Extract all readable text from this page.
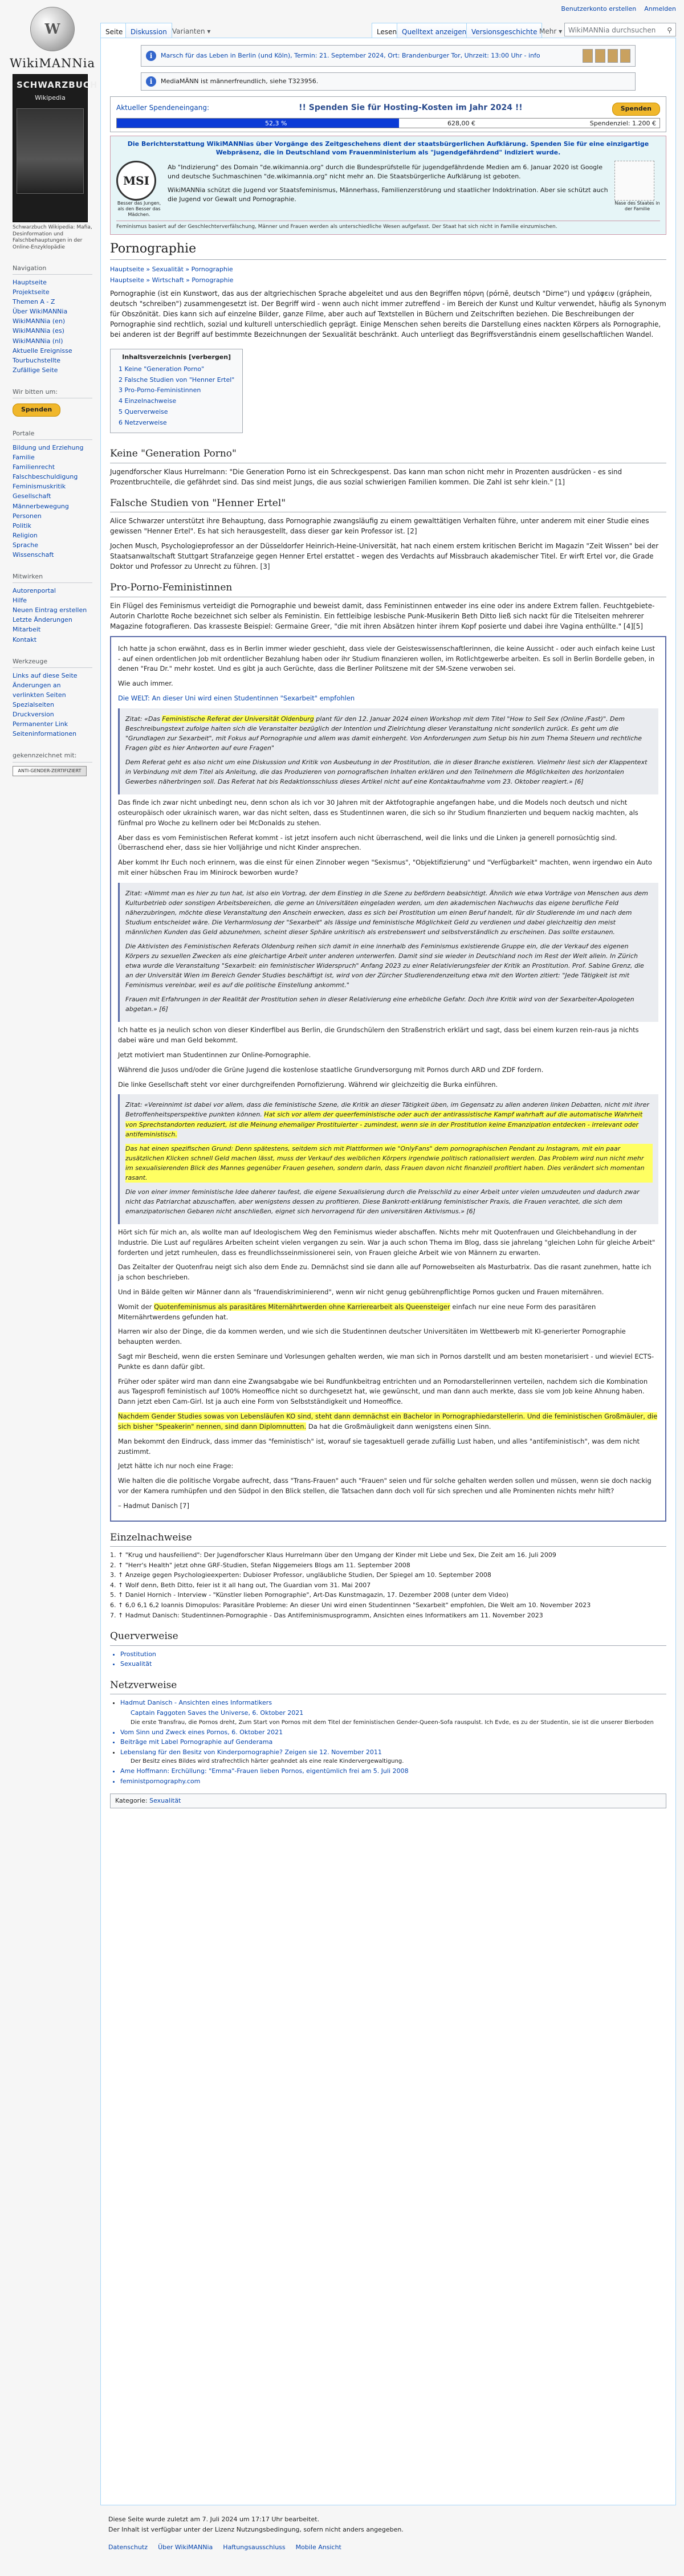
Benutzerkonto erstellen Anmelden
W
WikiMANNia
SCHWARZBUCH
Wikipedia
Schwarzbuch Wikipedia: Mafia, Desinformation und Falschbehauptungen in der Online-Enzyklopädie
Navigation
Hauptseite
Projektseite
Themen A - Z
Über WikiMANNia
WikiMANNia (en)
WikiMANNia (es)
WikiMANNia (nl)
Aktuelle Ereignisse
Tourbuchstellte
Zufällige Seite
Wir bitten um:
Spenden
Portale
Bildung und Erziehung
Familie
Familienrecht
Falschbeschuldigung
Feminismuskritik
Gesellschaft
Männerbewegung
Personen
Politik
Religion
Sprache
Wissenschaft
Mitwirken
Autorenportal
Hilfe
Neuen Eintrag erstellen
Letzte Änderungen
Mitarbeit
Kontakt
Werkzeuge
Links auf diese Seite
Änderungen an verlinkten Seiten
Spezialseiten
Druckversion
Permanenter Link
Seiteninformationen
gekennzeichnet mit:
ANTI-GENDER-ZERTIFIZIERT
Seite	Diskussion Varianten ▾	Lesen Quelltext anzeigen Versionsgeschichte Mehr ▾ WikiMANNia durchsuchen ⚲
i	Marsch für das Leben in Berlin (und Köln), Termin: 21. September 2024, Ort: Brandenburger Tor, Uhrzeit: 13:00 Uhr - info
i	MediaMÄNN ist männerfreundlich, siehe T323956.
Aktueller Spendeneingang:	!! Spenden Sie für Hosting-Kosten im Jahr 2024 !!	Spenden
52,3 %	628,00 €	Spendenziel: 1.200 €
Die Berichterstattung WikiMANNias über Vorgänge des Zeitgeschehens dient der staatsbürgerlichen Aufklärung. Spenden Sie für eine einzigartige Webpräsenz, die in Deutschland vom Frauenministerium als "jugendgefährdend" indiziert wurde.
MSI
Besser das Jungen, als den Besser das Mädchen.

Ab "Indizierung" des Domain "de.wikimannia.org" durch die Bundesprüfstelle für jugendgefährdende Medien am 6. Januar 2020 ist Google und deutsche Suchmaschinen "de.wikimannia.org" nicht mehr an. Die Staatsbürgerliche Aufklärung ist geboten.

WikiMANNia schützt die Jugend vor Staatsfeminismus, Männerhass, Familienzerstörung und staatlicher Indoktrination. Aber sie schützt auch die Jugend vor Gewalt und Pornographie.

Nase des Staates in der Familie
Feminismus basiert auf der Geschlechterverfälschung, Männer und Frauen werden als unterschiedliche Wesen aufgefasst. Der Staat hat sich nicht in Familie einzumischen.
Pornographie
Hauptseite » Sexualität » Pornographie
Hauptseite » Wirtschaft » Pornographie

Pornographie (ist ein Kunstwort, das aus der altgriechischen Sprache abgeleitet und aus den Begriffen πόρνη (pórnē, deutsch "Dirne") und γράφειν (gráphein, deutsch "schreiben") zusammengesetzt ist. Der Begriff wird - wenn auch nicht immer zutreffend - im Bereich der Kunst und Kultur verwendet, häufig als Synonym für Obszönität. Dies kann sich auf einzelne Bilder, ganze Filme, aber auch auf Textstellen in Büchern und Zeitschriften beziehen. Die Beschreibungen der Pornographie sind rechtlich, sozial und kulturell unterschiedlich geprägt. Einige Menschen sehen bereits die Darstellung eines nackten Körpers als Pornographie, bei anderen ist der Begriff auf bestimmte Bezeichnungen der Sexualität beschränkt. Auch unterliegt das Begriffsverständnis einem gesellschaftlichen Wandel.

Inhaltsverzeichnis [verbergen]
1 Keine "Generation Porno"
2 Falsche Studien von "Henner Ertel"
3 Pro-Porno-Feministinnen
4 Einzelnachweise
5 Querverweise
6 Netzverweise
Keine "Generation Porno"

Jugendforscher Klaus Hurrelmann: "Die Generation Porno ist ein Schreckgespenst. Das kann man schon nicht mehr in Prozenten ausdrücken - es sind Prozentbruchteile, die gefährdet sind. Das sind meist Jungs, die aus sozial schwierigen Familien kommen. Die Zahl ist sehr klein." [1]

Falsche Studien von "Henner Ertel"

Alice Schwarzer unterstützt ihre Behauptung, dass Pornographie zwangsläufig zu einem gewalttätigen Verhalten führe, unter anderem mit einer Studie eines gewissen "Henner Ertel". Es hat sich herausgestellt, dass dieser gar kein Professor ist. [2]

Jochen Musch, Psychologieprofessor an der Düsseldorfer Heinrich-Heine-Universität, hat nach einem erstem kritischen Bericht im Magazin "Zeit Wissen" bei der Staatsanwaltschaft Stuttgart Strafanzeige gegen Henner Ertel erstattet - wegen des Verdachts auf Missbrauch akademischer Titel. Er wirft Ertel vor, die Grade Doktor und Professor zu Unrecht zu führen. [3]

Pro-Porno-Feministinnen

Ein Flügel des Feminismus verteidigt die Pornographie und beweist damit, dass Feministinnen entweder ins eine oder ins andere Extrem fallen. Feuchtgebiete-Autorin Charlotte Roche bezeichnet sich selber als Feministin. Ein fettleibige lesbische Punk-Musikerin Beth Ditto ließ sich nackt für die Titelseiten mehrerer Magazine fotografieren. Das krasseste Beispiel: Germaine Greer, "die mit ihren Absätzen hinter ihrem Kopf posierte und dabei ihre Vagina enthüllte." [4][5]

Ich hatte ja schon erwähnt, dass es in Berlin immer wieder geschieht, dass viele der Geisteswissenschaftlerinnen, die keine Aussicht - oder auch einfach keine Lust - auf einen ordentlichen Job mit ordentlicher Bezahlung haben oder ihr Studium finanzieren wollen, im Rotlichtgewerbe arbeiten. Es soll in Berlin Bordelle geben, in denen "Frau Dr." mehr kostet. Und es gibt ja auch Gerüchte, dass die Berliner Politszene mit der SM-Szene verwoben sei.

Wie auch immer.

Die WELT: An dieser Uni wird einen Studentinnen "Sexarbeit" empfohlen

Zitat: «Das Feministische Referat der Universität Oldenburg plant für den 12. Januar 2024 einen Workshop mit dem Titel "How to Sell Sex (Online /Fast)". Dem Beschreibungstext zufolge halten sich die Veranstalter bezüglich der Intention und Zielrichtung dieser Veranstaltung nicht sonderlich zurück. Es geht um die "Grundlagen zur Sexarbeit", mit Fokus auf Pornographie und allem was damit einhergeht. Von Anforderungen zum Setup bis hin zum Thema Steuern und rechtliche Fragen gibt es hier Antworten auf eure Fragen"

Dem Referat geht es also nicht um eine Diskussion und Kritik von Ausbeutung in der Prostitution, die in dieser Branche existieren. Vielmehr liest sich der Klappentext in Verbindung mit dem Titel als Anleitung, die das Produzieren von pornografischen Inhalten erklären und den Teilnehmern die Möglichkeiten des horizontalen Gewerbes näherbringen soll. Das Referat hat bis Redaktionsschluss dieses Artikel nicht auf eine Kontaktaufnahme vom 23. Oktober reagiert.» [6]

Das finde ich zwar nicht unbedingt neu, denn schon als ich vor 30 Jahren mit der Aktfotographie angefangen habe, und die Models noch deutsch und nicht osteuropäisch oder ukrainisch waren, war das nicht selten, dass es Studentinnen waren, die sich so ihr Studium finanzierten und bequem nackig machten, als fünfmal pro Woche zu kellnern oder bei McDonalds zu stehen.

Aber dass es vom Feministischen Referat kommt - ist jetzt insofern auch nicht überraschend, weil die links und die Linken ja generell pornosüchtig sind. Überraschend eher, dass sie hier Volljährige und nicht Kinder ansprechen.

Aber kommt Ihr Euch noch erinnern, was die einst für einen Zinnober wegen "Sexismus", "Objektifizierung" und "Verfügbarkeit" machten, wenn irgendwo ein Auto mit einer hübschen Frau im Minirock beworben wurde?

Zitat: «Nimmt man es hier zu tun hat, ist also ein Vortrag, der dem Einstieg in die Szene zu befördern beabsichtigt. Ähnlich wie etwa Vorträge von Menschen aus dem Kulturbetrieb oder sonstigen Arbeitsbereichen, die gerne an Universitäten eingeladen werden, um den akademischen Nachwuchs das eigene berufliche Feld näherzubringen, möchte diese Veranstaltung den Anschein erwecken, dass es sich bei Prostitution um einen Beruf handelt, für dir Studierende im und nach dem Studium entscheidet wäre. Die Verharmlosung der "Sexarbeit" als lässige und feministische Möglichkeit Geld zu verdienen und dabei gleichzeitig den meist männlichen Kunden das Geld abzunehmen, scheint dieser Sphäre unkritisch als erstrebenswert und selbstverständlich zu erscheinen. Das sollte erstaunen.

Die Aktivisten des Feministischen Referats Oldenburg reihen sich damit in eine innerhalb des Feminismus existierende Gruppe ein, die der Verkauf des eigenen Körpers zu sexuellen Zwecken als eine gleichartige Arbeit unter anderen unterwerfen. Damit sind sie wieder in Deutschland noch im Rest der Welt allein. In Zürich etwa wurde die Veranstaltung "Sexarbeit: ein feministischer Widerspruch" Anfang 2023 zu einer Relativierungsfeier der Kritik an Prostitution. Prof. Sabine Grenz, die an der Universität Wien im Bereich Gender Studies beschäftigt ist, wird von der Zürcher Studierendenzeitung etwa mit den Worten zitiert: "Jede Tätigkeit ist mit Feminismus vereinbar, weil es auf die politische Einstellung ankommt."

Frauen mit Erfahrungen in der Realität der Prostitution sehen in dieser Relativierung eine erhebliche Gefahr. Doch ihre Kritik wird von der Sexarbeiter-Apologeten abgetan.» [6]

Ich hatte es ja neulich schon von dieser Kinderfibel aus Berlin, die Grundschülern den Straßenstrich erklärt und sagt, dass bei einem kurzen rein-raus ja nichts dabei wäre und man Geld bekommt.

Jetzt motiviert man Studentinnen zur Online-Pornographie.

Während die Jusos und/oder die Grüne Jugend die kostenlose staatliche Grundversorgung mit Pornos durch ARD und ZDF fordern.

Die linke Gesellschaft steht vor einer durchgreifenden Pornofizierung. Während wir gleichzeitig die Burka einführen.

Zitat: «Vereinnimt ist dabei vor allem, dass die feministische Szene, die Kritik an dieser Tätigkeit üben, im Gegensatz zu allen anderen linken Debatten, nicht mit ihrer Betroffenheitsperspektive punkten können. Hat sich vor allem der queerfeministische oder auch der antirassistische Kampf wahrhaft auf die automatische Wahrheit von Sprechstandorten reduziert, ist die Meinung ehemaliger Prostituierter - zumindest, wenn sie in der Prostitution keine Emanzipation entdecken - irrelevant oder antifeministisch.

Das hat einen spezifischen Grund: Denn spätestens, seitdem sich mit Plattformen wie "OnlyFans" dem pornographischen Pendant zu Instagram, mit ein paar zusätzlichen Klicken schnell Geld machen lässt, muss der Verkauf des weiblichen Körpers irgendwie politisch rationalisiert werden. Das Problem wird nun nicht mehr im sexualisierenden Blick des Mannes gegenüber Frauen gesehen, sondern darin, dass Frauen davon nicht finanziell profitiert haben. Dies verändert sich momentan rasant.

Die von einer immer feministische Idee daherer taufest, die eigene Sexualisierung durch die Preisschild zu einer Arbeit unter vielen umzudeuten und dadurch zwar nicht das Patriarchat abzuschaffen, aber wenigstens dessen zu profitieren. Diese Bankrott-erklärung feministischer Praxis, die Frauen verachtet, die sich dem emanzipatorischen Gebaren nicht anschließen, eignet sich hervorragend für den universitären Aktivismus.» [6]

Hört sich für mich an, als wollte man auf Ideologischem Weg den Feminismus wieder abschaffen. Nichts mehr mit Quotenfrauen und Gleichbehandlung in der Industrie. Die Lust auf reguläres Arbeiten scheint vielen vergangen zu sein. War ja auch schon Thema im Blog, dass sie jahrelang "gleichen Lohn für gleiche Arbeit" forderten und jetzt rumheulen, dass es freundlichsseinmissionerei sein, von Frauen gleiche Arbeit wie von Männern zu erwarten.

Das Zeitalter der Quotenfrau neigt sich also dem Ende zu. Demnächst sind sie dann alle auf Pornowebseiten als Masturbatrix. Das die rasant zunehmen, hatte ich ja schon beschrieben.

Und in Bälde gelten wir Männer dann als "frauendiskriminierend", wenn wir nicht genug gebührenpflichtige Pornos gucken und Frauen miternähren.

Womit der Quotenfeminismus als parasitäres Miternährtwerden ohne Karrierearbeit als Queensteiger einfach nur eine neue Form des parasitären Miternährtwerdens gefunden hat.

Harren wir also der Dinge, die da kommen werden, und wie sich die Studentinnen deutscher Universitäten im Wettbewerb mit KI-generierter Pornographie behaupten werden.

Sagt mir Bescheid, wenn die ersten Seminare und Vorlesungen gehalten werden, wie man sich in Pornos darstellt und am besten monetarisiert - und wieviel ECTS-Punkte es dann dafür gibt.

Früher oder später wird man dann eine Zwangsabgabe wie bei Rundfunkbeitrag entrichten und an Pornodarstellerinnen verteilen, nachdem sich die Kombination aus Tagesprofi feministisch auf 100% Homeoffice nicht so durchgesetzt hat, wie gewünscht, und man dann auch merkte, dass sie vom Job keine Ahnung haben. Dann jetzt eben Cam-Girl. Ist ja auch eine Form von Selbstständigkeit und Homeoffice.

Nachdem Gender Studies sowas von Lebensläufen KO sind, steht dann demnächst ein Bachelor in Pornographiedarstellerin. Und die feministischen Großmäuler, die sich bisher "Speakerin" nennen, sind dann Diplomnutten. Da hat die Großmäuligkeit dann wenigstens einen Sinn.

Man bekommt den Eindruck, dass immer das "feministisch" ist, worauf sie tagesaktuell gerade zufällig Lust haben, und alles "antifeministisch", was dem nicht zustimmt.

Jetzt hätte ich nur noch eine Frage:

Wie halten die die politische Vorgabe aufrecht, dass "Trans-Frauen" auch "Frauen" seien und für solche gehalten werden sollen und müssen, wenn sie doch nackig vor der Kamera rumhüpfen und den Südpol in den Blick stellen, die Tatsachen dann doch voll für sich sprechen und alle Prominenten nichts mehr hilft?

– Hadmut Danisch [7]

Einzelnachweise
1. ↑ "Krug und hausfeiliend": Der Jugendforscher Klaus Hurrelmann über den Umgang der Kinder mit Liebe und Sex, Die Zeit am 16. Juli 2009
2. ↑ "Herr's Health" jetzt ohne GRF-Studien, Stefan Niggemeiers Blogs am 11. September 2008
3. ↑ Anzeige gegen Psychologieexperten: Dubioser Professor, ungläubliche Studien, Der Spiegel am 10. September 2008
4. ↑ Wolf denn, Beth Ditto, feier ist it all hang out, The Guardian vom 31. Mai 2007
5. ↑ Daniel Hornich - Interview - "Künstler lieben Pornographie", Art-Das Kunstmagazin, 17. Dezember 2008 (unter dem Video)
6. ↑ 6,0 6,1 6,2 Ioannis Dimopulos: Parasitäre Probleme: An dieser Uni wird einen Studentinnen "Sexarbeit" empfohlen, Die Welt am 10. November 2023
7. ↑ Hadmut Danisch: Studentinnen-Pornographie - Das Antifeminismusprogramm, Ansichten eines Informatikers am 11. November 2023
Querverweise
• Prostitution
• Sexualität
Netzverweise
• Hadmut Danisch - Ansichten eines Informatikers
Captain Faggoten Saves the Universe, 6. Oktober 2021
Die erste Transfrau, die Pornos dreht, Zum Start von Pornos mit dem Titel der feministischen Gender-Queen-Sofa rauspulst. Ich Evde, es zu der Studentin, sie ist die unserer Bierboden
• Vom Sinn und Zweck eines Pornos, 6. Oktober 2021
• Beiträge mit Label Pornographie auf Genderama
• Lebenslang für den Besitz von Kinderpornographie? Zeigen sie 12. November 2011
Der Besitz eines Bildes wird strafrechtlich härter geahndet als eine reale Kindervergewaltigung.
• Ame Hoffmann: Erchüllung: "Emma"-Frauen lieben Pornos, eigentümlich frei am 5. Juli 2008
• feministpornography.com
Kategorie: Sexualität
Diese Seite wurde zuletzt am 7. Juli 2024 um 17:17 Uhr bearbeitet.
Der Inhalt ist verfügbar unter der Lizenz Nutzungsbedingung, sofern nicht anders angegeben.
Datenschutz Über WikiMANNia Haftungsausschluss Mobile Ansicht
